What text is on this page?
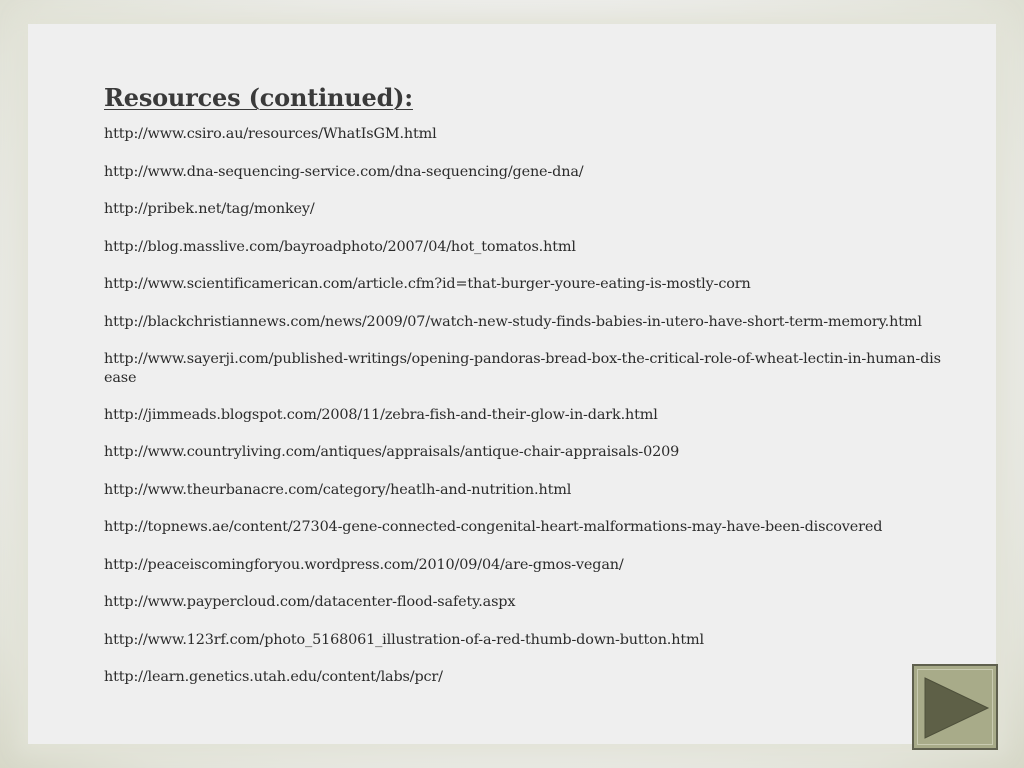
Resources (continued):
http://www.csiro.au/resources/WhatIsGM.html
http://www.dna-sequencing-service.com/dna-sequencing/gene-dna/
http://pribek.net/tag/monkey/
http://blog.masslive.com/bayroadphoto/2007/04/hot_tomatos.html
http://www.scientificamerican.com/article.cfm?id=that-burger-youre-eating-is-mostly-corn
http://blackchristiannews.com/news/2009/07/watch-new-study-finds-babies-in-utero-have-short-term-memory.html
http://www.sayerji.com/published-writings/opening-pandoras-bread-box-the-critical-role-of-wheat-lectin-in-human-disease
http://jimmeads.blogspot.com/2008/11/zebra-fish-and-their-glow-in-dark.html
http://www.countryliving.com/antiques/appraisals/antique-chair-appraisals-0209
http://www.theurbanacre.com/category/heatlh-and-nutrition.html
http://topnews.ae/content/27304-gene-connected-congenital-heart-malformations-may-have-been-discovered
http://peaceiscomingforyou.wordpress.com/2010/09/04/are-gmos-vegan/
http://www.paypercloud.com/datacenter-flood-safety.aspx
http://www.123rf.com/photo_5168061_illustration-of-a-red-thumb-down-button.html
http://learn.genetics.utah.edu/content/labs/pcr/
